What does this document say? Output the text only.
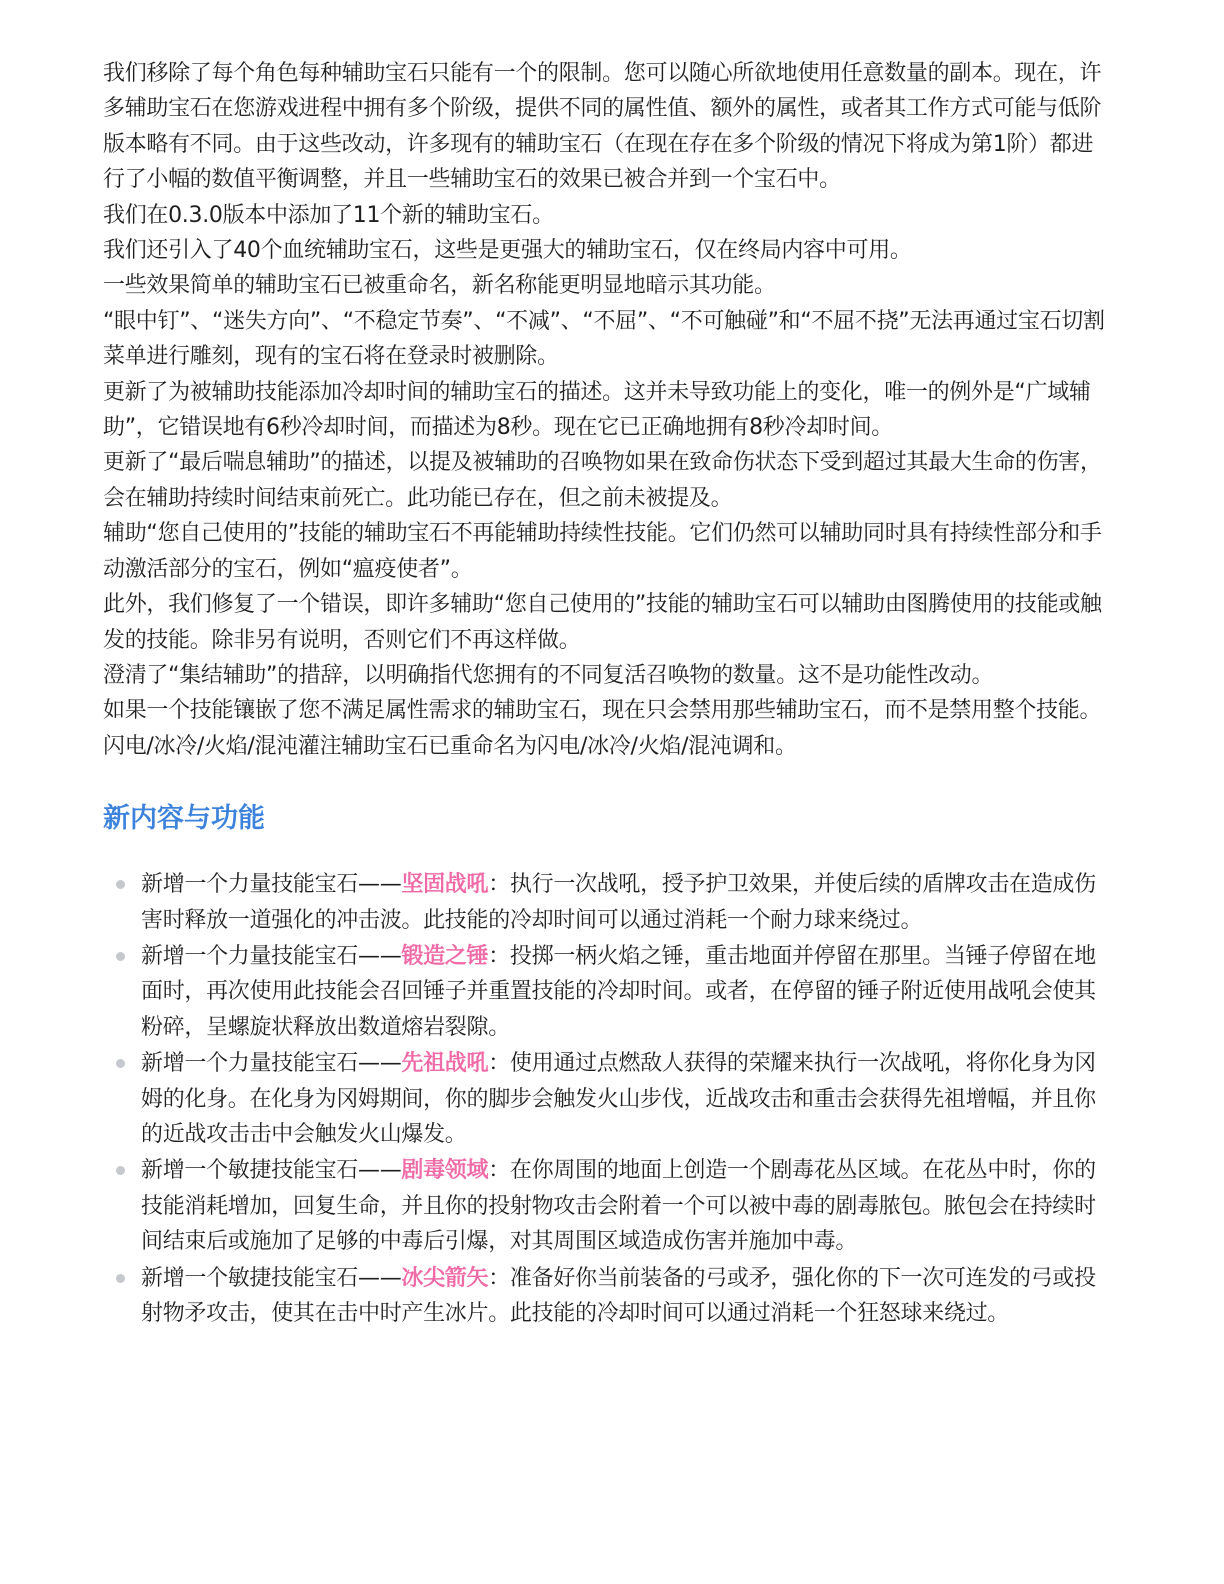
我们移除了每个角色每种辅助宝石只能有一个的限制。您可以随心所欲地使用任意数量的副本。现在，许多辅助宝石在您游戏进程中拥有多个阶级，提供不同的属性值、额外的属性，或者其工作方式可能与低阶版本略有不同。由于这些改动，许多现有的辅助宝石（在现在存在多个阶级的情况下将成为第1阶）都进行了小幅的数值平衡调整，并且一些辅助宝石的效果已被合并到一个宝石中。

我们在0.3.0版本中添加了11个新的辅助宝石。

我们还引入了40个血统辅助宝石，这些是更强大的辅助宝石，仅在终局内容中可用。

一些效果简单的辅助宝石已被重命名，新名称能更明显地暗示其功能。

“眼中钉”、“迷失方向”、“不稳定节奏”、“不减”、“不屈”、“不可触碰”和“不屈不挠”无法再通过宝石切割菜单进行雕刻，现有的宝石将在登录时被删除。

更新了为被辅助技能添加冷却时间的辅助宝石的描述。这并未导致功能上的变化，唯一的例外是“广域辅助”，它错误地有6秒冷却时间，而描述为8秒。现在它已正确地拥有8秒冷却时间。

更新了“最后喘息辅助”的描述，以提及被辅助的召唤物如果在致命伤状态下受到超过其最大生命的伤害，会在辅助持续时间结束前死亡。此功能已存在，但之前未被提及。

辅助“您自己使用的”技能的辅助宝石不再能辅助持续性技能。它们仍然可以辅助同时具有持续性部分和手动激活部分的宝石，例如“瘟疫使者”。

此外，我们修复了一个错误，即许多辅助“您自己使用的”技能的辅助宝石可以辅助由图腾使用的技能或触发的技能。除非另有说明，否则它们不再这样做。

澄清了“集结辅助”的措辞，以明确指代您拥有的不同复活召唤物的数量。这不是功能性改动。

如果一个技能镶嵌了您不满足属性需求的辅助宝石，现在只会禁用那些辅助宝石，而不是禁用整个技能。

闪电/冰冷/火焰/混沌灌注辅助宝石已重命名为闪电/冰冷/火焰/混沌调和。

新内容与功能
新增一个力量技能宝石——坚固战吼：执行一次战吼，授予护卫效果，并使后续的盾牌攻击在造成伤害时释放一道强化的冲击波。此技能的冷却时间可以通过消耗一个耐力球来绕过。
新增一个力量技能宝石——锻造之锤：投掷一柄火焰之锤，重击地面并停留在那里。当锤子停留在地面时，再次使用此技能会召回锤子并重置技能的冷却时间。或者，在停留的锤子附近使用战吼会使其粉碎，呈螺旋状释放出数道熔岩裂隙。
新增一个力量技能宝石——先祖战吼：使用通过点燃敌人获得的荣耀来执行一次战吼，将你化身为冈姆的化身。在化身为冈姆期间，你的脚步会触发火山步伐，近战攻击和重击会获得先祖增幅，并且你的近战攻击击中会触发火山爆发。
新增一个敏捷技能宝石——剧毒领域：在你周围的地面上创造一个剧毒花丛区域。在花丛中时，你的技能消耗增加，回复生命，并且你的投射物攻击会附着一个可以被中毒的剧毒脓包。脓包会在持续时间结束后或施加了足够的中毒后引爆，对其周围区域造成伤害并施加中毒。
新增一个敏捷技能宝石——冰尖箭矢：准备好你当前装备的弓或矛，强化你的下一次可连发的弓或投射物矛攻击，使其在击中时产生冰片。此技能的冷却时间可以通过消耗一个狂怒球来绕过。
